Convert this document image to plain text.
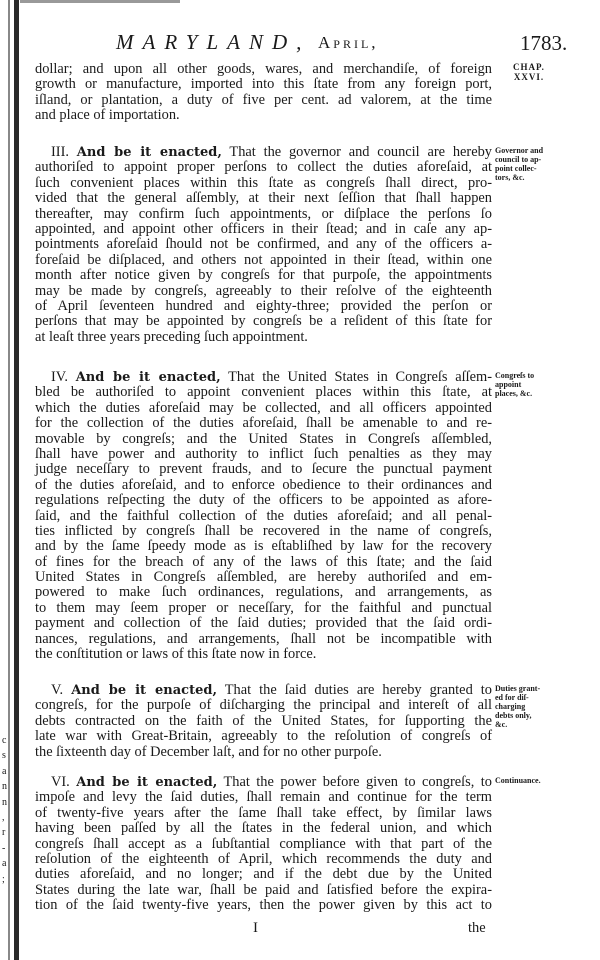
MARYLAND, April,	1783.
CHAP.
XXVI.
dollar; and upon all other goods, wares, and merchandiſe, of foreign
growth or manufacture, imported into this ſtate from any foreign port,
iſland, or plantation, a duty of five per cent. ad valorem, at the time
and place of importation.
III. And be it enacted, That the governor and council are hereby
authoriſed to appoint proper perſons to collect the duties aforeſaid, at
ſuch convenient places within this ſtate as congreſs ſhall direct, pro-
vided that the general aſſembly, at their next ſeſſion that ſhall happen
thereafter, may confirm ſuch appointments, or diſplace the perſons ſo
appointed, and appoint other officers in their ſtead; and in caſe any ap-
pointments aforeſaid ſhould not be confirmed, and any of the officers a-
foreſaid be diſplaced, and others not appointed in their ſtead, within one
month after notice given by congreſs for that purpoſe, the appointments
may be made by congreſs, agreeably to their reſolve of the eighteenth
of April ſeventeen hundred and eighty-three; provided the perſon or
perſons that may be appointed by congreſs be a reſident of this ſtate for
at leaſt three years preceding ſuch appointment.
IV. And be it enacted, That the United States in Congreſs aſſem-
bled be authoriſed to appoint convenient places within this ſtate, at
which the duties aforeſaid may be collected, and all officers appointed
for the collection of the duties aforeſaid, ſhall be amenable to and re-
movable by congreſs; and the United States in Congreſs aſſembled,
ſhall have power and authority to inflict ſuch penalties as they may
judge neceſſary to prevent frauds, and to ſecure the punctual payment
of the duties aforeſaid, and to enforce obedience to their ordinances and
regulations reſpecting the duty of the officers to be appointed as afore-
ſaid, and the faithful collection of the duties aforeſaid; and all penal-
ties inflicted by congreſs ſhall be recovered in the name of congreſs,
and by the ſame ſpeedy mode as is eſtabliſhed by law for the recovery
of fines for the breach of any of the laws of this ſtate; and the ſaid
United States in Congreſs aſſembled, are hereby authoriſed and em-
powered to make ſuch ordinances, regulations, and arrangements, as
to them may ſeem proper or neceſſary, for the faithful and punctual
payment and collection of the ſaid duties; provided that the ſaid ordi-
nances, regulations, and arrangements, ſhall not be incompatible with
the conſtitution or laws of this ſtate now in force.
V. And be it enacted, That the ſaid duties are hereby granted to
congreſs, for the purpoſe of diſcharging the principal and intereſt of all
debts contracted on the faith of the United States, for ſupporting the
late war with Great-Britain, agreeably to the reſolution of congreſs of
the ſixteenth day of December laſt, and for no other purpoſe.
VI. And be it enacted, That the power before given to congreſs, to
impoſe and levy the ſaid duties, ſhall remain and continue for the term
of twenty-five years after the ſame ſhall take effect, by ſimilar laws
having been paſſed by all the ſtates in the federal union, and which
congreſs ſhall accept as a ſubſtantial compliance with that part of the
reſolution of the eighteenth of April, which recommends the duty and
duties aforeſaid, and no longer; and if the debt due by the United
States during the late war, ſhall be paid and ſatisfied before the expira-
tion of the ſaid twenty-five years, then the power given by this act to
Governor and
council to ap-
point collec-
tors, &c.
Congreſs to
appoint
places, &c.
Duties grant-
ed for diſ-
charging
debts only,
&c.
Continuance.
c
s
a
n
n
,
r
-
a
;
I	the
